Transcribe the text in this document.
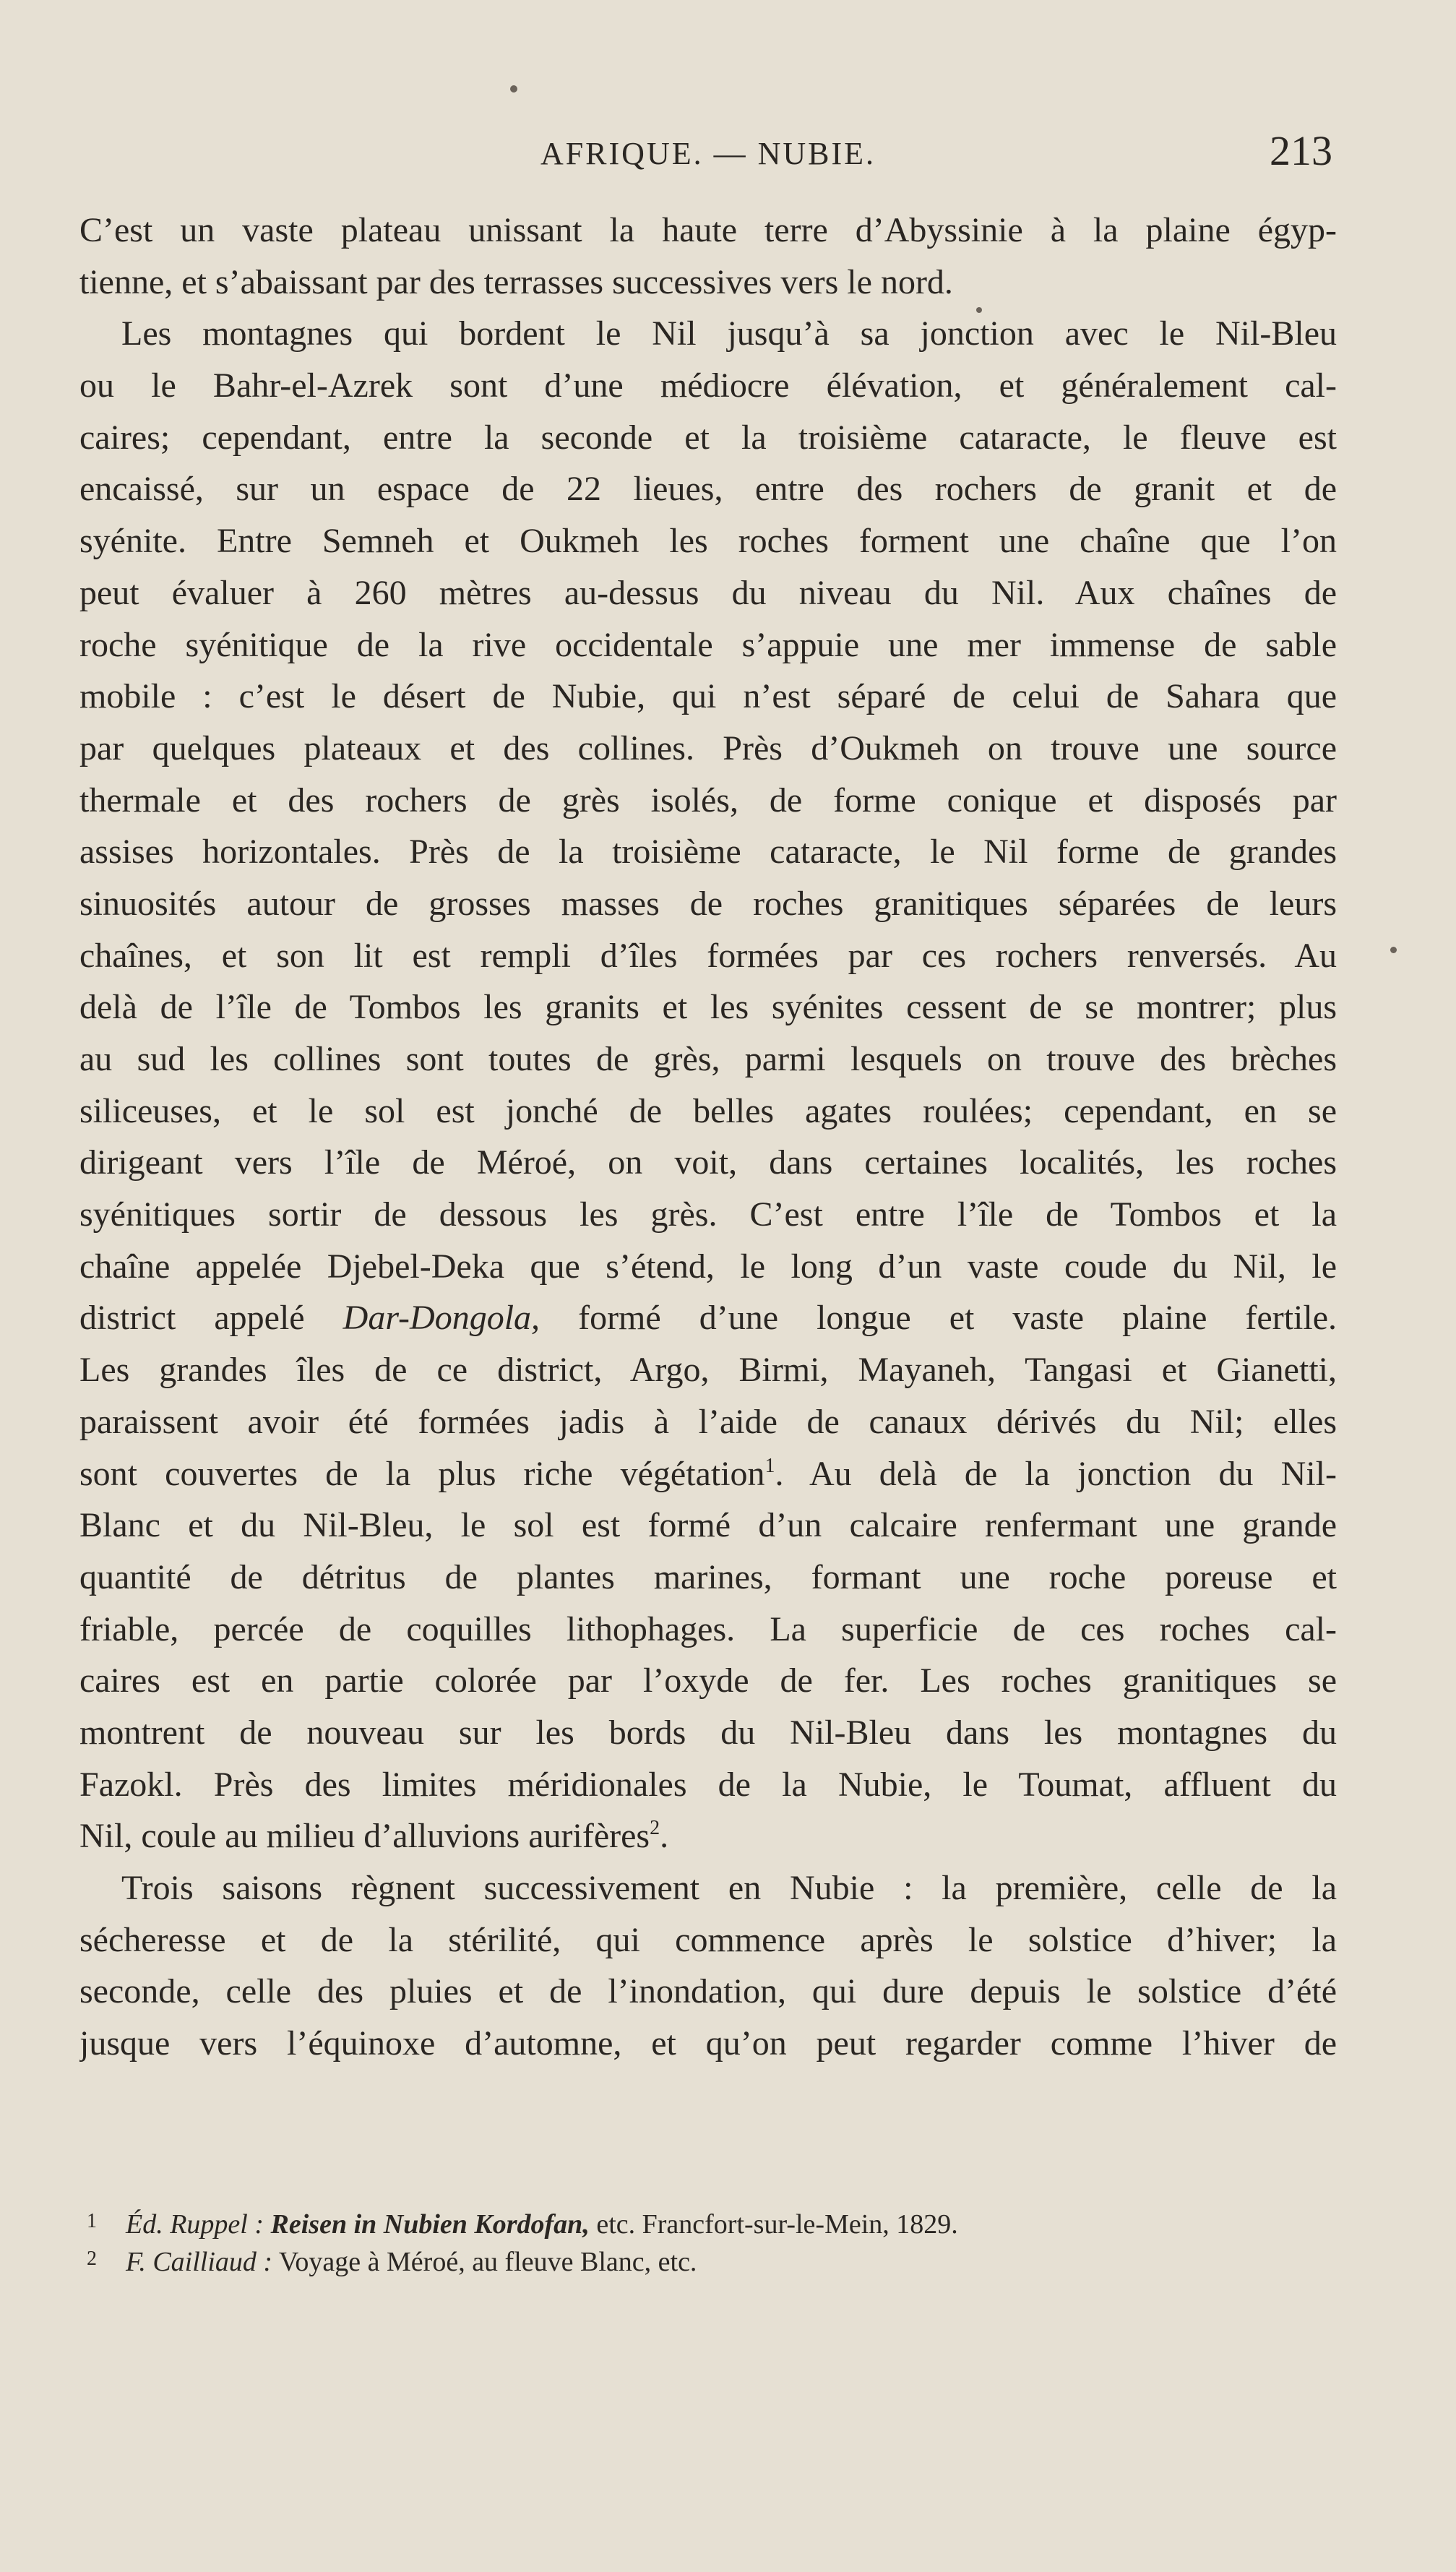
AFRIQUE. — NUBIE.	213
C’est un vaste plateau unissant la haute terre d’Abyssinie à la plaine égyp-
tienne, et s’abaissant par des terrasses successives vers le nord.
Les montagnes qui bordent le Nil jusqu’à sa jonction avec le Nil-Bleu
ou le Bahr-el-Azrek sont d’une médiocre élévation, et généralement cal-
caires; cependant, entre la seconde et la troisième cataracte, le fleuve est
encaissé, sur un espace de 22 lieues, entre des rochers de granit et de
syénite. Entre Semneh et Oukmeh les roches forment une chaîne que l’on
peut évaluer à 260 mètres au-dessus du niveau du Nil. Aux chaînes de
roche syénitique de la rive occidentale s’appuie une mer immense de sable
mobile : c’est le désert de Nubie, qui n’est séparé de celui de Sahara que
par quelques plateaux et des collines. Près d’Oukmeh on trouve une source
thermale et des rochers de grès isolés, de forme conique et disposés par
assises horizontales. Près de la troisième cataracte, le Nil forme de grandes
sinuosités autour de grosses masses de roches granitiques séparées de leurs
chaînes, et son lit est rempli d’îles formées par ces rochers renversés. Au
delà de l’île de Tombos les granits et les syénites cessent de se montrer; plus
au sud les collines sont toutes de grès, parmi lesquels on trouve des brèches
siliceuses, et le sol est jonché de belles agates roulées; cependant, en se
dirigeant vers l’île de Méroé, on voit, dans certaines localités, les roches
syénitiques sortir de dessous les grès. C’est entre l’île de Tombos et la
chaîne appelée Djebel-Deka que s’étend, le long d’un vaste coude du Nil, le
district appelé Dar-Dongola, formé d’une longue et vaste plaine fertile.
Les grandes îles de ce district, Argo, Birmi, Mayaneh, Tangasi et Gianetti,
paraissent avoir été formées jadis à l’aide de canaux dérivés du Nil; elles
sont couvertes de la plus riche végétation$^1$. Au delà de la jonction du Nil-
Blanc et du Nil-Bleu, le sol est formé d’un calcaire renfermant une grande
quantité de détritus de plantes marines, formant une roche poreuse et
friable, percée de coquilles lithophages. La superficie de ces roches cal-
caires est en partie colorée par l’oxyde de fer. Les roches granitiques se
montrent de nouveau sur les bords du Nil-Bleu dans les montagnes du
Fazokl. Près des limites méridionales de la Nubie, le Toumat, affluent du
Nil, coule au milieu d’alluvions aurifères$^2$.
Trois saisons règnent successivement en Nubie : la première, celle de la
sécheresse et de la stérilité, qui commence après le solstice d’hiver; la
seconde, celle des pluies et de l’inondation, qui dure depuis le solstice d’été
jusque vers l’équinoxe d’automne, et qu’on peut regarder comme l’hiver de
1 Éd. Ruppel : Reisen in Nubien Kordofan, etc. Francfort-sur-le-Mein, 1829.
2 F. Cailliaud : Voyage à Méroé, au fleuve Blanc, etc.
